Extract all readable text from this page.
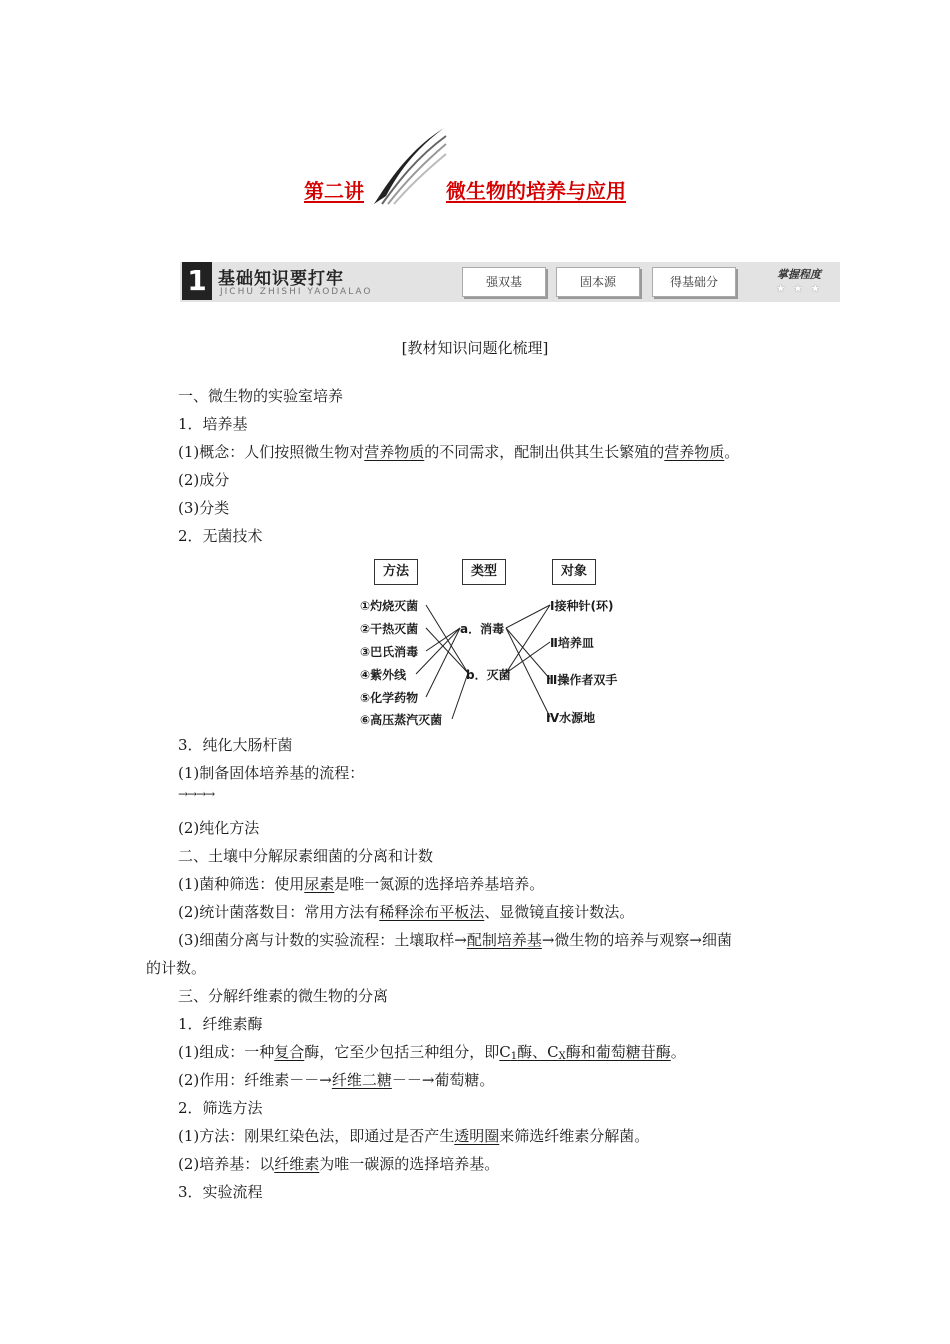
第二讲	微生物的培养与应用
1 基础知识要打牢
JICHU ZHISHI YAODALAO
强双基	固本源	得基础分
掌握程度
★ ★ ★
[教材知识问题化梳理]
一、微生物的实验室培养
1．培养基
(1)概念：人们按照微生物对营养物质的不同需求，配制出供其生长繁殖的营养物质。
(2)成分
(3)分类
2．无菌技术
方法	类型	对象
①灼烧灭菌
②干热灭菌
③巴氏消毒
④紫外线
⑤化学药物
⑥高压蒸汽灭菌
a．消毒
b．灭菌
Ⅰ接种针(环)
Ⅱ培养皿
Ⅲ操作者双手
Ⅳ水源地
3．纯化大肠杆菌
(1)制备固体培养基的流程：
→→→→
(2)纯化方法
二、土壤中分解尿素细菌的分离和计数
(1)菌种筛选：使用尿素是唯一氮源的选择培养基培养。
(2)统计菌落数目：常用方法有稀释涂布平板法、显微镜直接计数法。
(3)细菌分离与计数的实验流程：土壤取样→配制培养基→微生物的培养与观察→细菌
的计数。
三、分解纤维素的微生物的分离
1．纤维素酶
(1)组成：一种复合酶，它至少包括三种组分，即$C_1$酶、$C_X$酶和葡萄糖苷酶。
(2)作用：纤维素－－→纤维二糖－－→葡萄糖。
2．筛选方法
(1)方法：刚果红染色法，即通过是否产生透明圈来筛选纤维素分解菌。
(2)培养基：以纤维素为唯一碳源的选择培养基。
3．实验流程
